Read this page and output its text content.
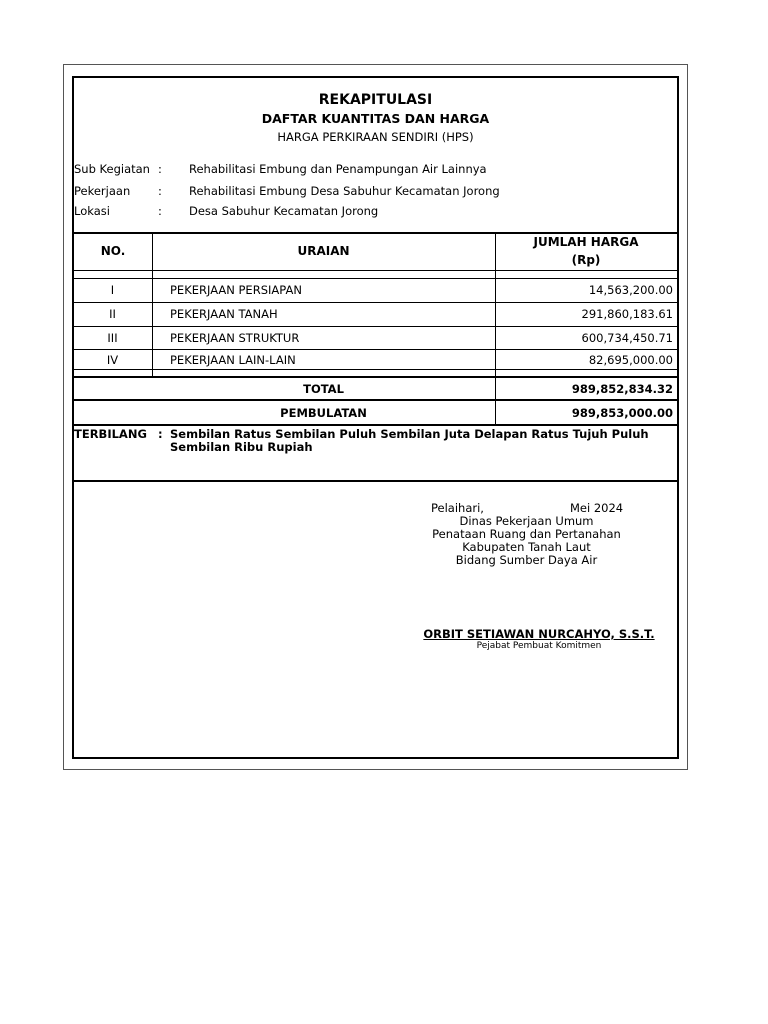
REKAPITULASI
DAFTAR KUANTITAS DAN HARGA
HARGA PERKIRAAN SENDIRI (HPS)
Sub Kegiatan : Rehabilitasi Embung dan Penampungan Air Lainnya
Pekerjaan : Rehabilitasi Embung Desa Sabuhur Kecamatan Jorong
Lokasi	: Desa Sabuhur Kecamatan Jorong
NO.	URAIAN
JUMLAH HARGA
(Rp)
I	PEKERJAAN PERSIAPAN	14,563,200.00
II	PEKERJAAN TANAH	291,860,183.61
III	PEKERJAAN STRUKTUR	600,734,450.71
IV	PEKERJAAN LAIN-LAIN	82,695,000.00
TOTAL	989,852,834.32
PEMBULATAN	989,853,000.00
TERBILANG : Sembilan Ratus Sembilan Puluh Sembilan Juta Delapan Ratus Tujuh Puluh
Sembilan Ribu Rupiah
Pelaihari,	Mei 2024
Dinas Pekerjaan Umum
Penataan Ruang dan Pertanahan
Kabupaten Tanah Laut
Bidang Sumber Daya Air
ORBIT SETIAWAN NURCAHYO, S.S.T.
Pejabat Pembuat Komitmen
